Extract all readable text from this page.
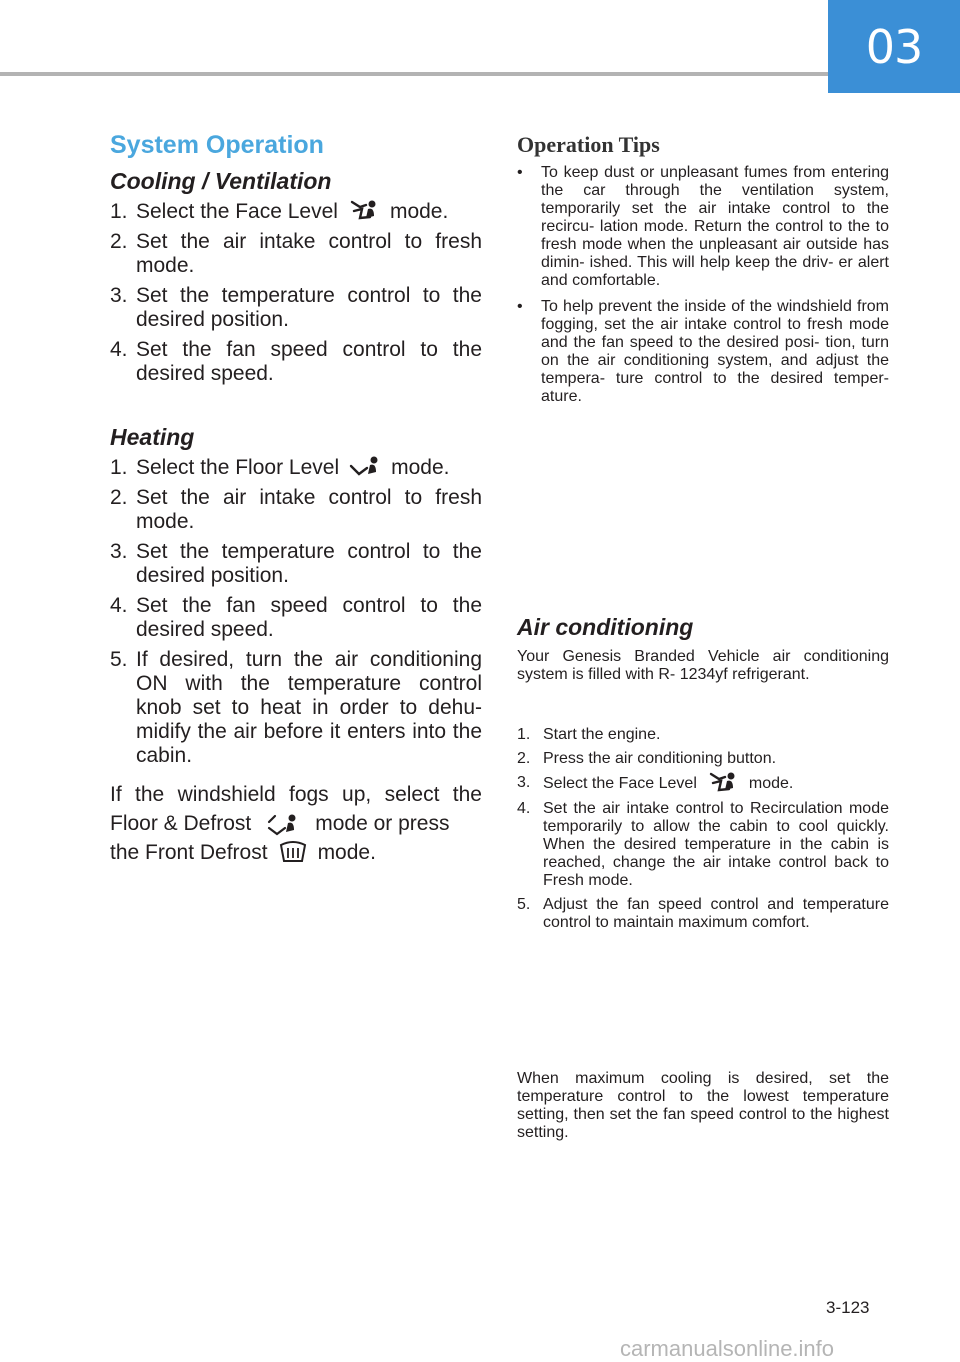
03
System Operation
Cooling / Ventilation
1. Select the Face Level mode.
2. Set the air intake control to fresh mode.
3. Set the temperature control to the desired position.
4. Set the fan speed control to the desired speed.
Heating
1. Select the Floor Level mode.
2. Set the air intake control to fresh mode.
3. Set the temperature control to the desired position.
4. Set the fan speed control to the desired speed.
5. If desired, turn the air conditioning ON with the temperature control knob set to heat in order to dehu- midify the air before it enters into the cabin.
If the windshield fogs up, select the
Floor & Defrost	mode or press
the Front Defrost mode.
Operation Tips
• To keep dust or unpleasant fumes from entering the car through the ventilation system, temporarily set the air intake control to the recircu- lation mode. Return the control to the to fresh mode when the unpleasant air outside has dimin- ished. This will help keep the driv- er alert and comfortable.
• To help prevent the inside of the windshield from fogging, set the air intake control to fresh mode and the fan speed to the desired posi- tion, turn on the air conditioning system, and adjust the tempera- ture control to the desired temper- ature.
Air conditioning

Your Genesis Branded Vehicle air conditioning system is filled with R- 1234yf refrigerant.

1. Start the engine.
2. Press the air conditioning button.
3. Select the Face Level	mode.
4. Set the air intake control to Recirculation mode temporarily to allow the cabin to cool quickly. When the desired temperature in the cabin is reached, change the air intake control back to Fresh mode.
5. Adjust the fan speed control and temperature control to maintain maximum comfort.

When maximum cooling is desired, set the temperature control to the lowest temperature setting, then set the fan speed control to the highest setting.

3-123
carmanualsonline.info
